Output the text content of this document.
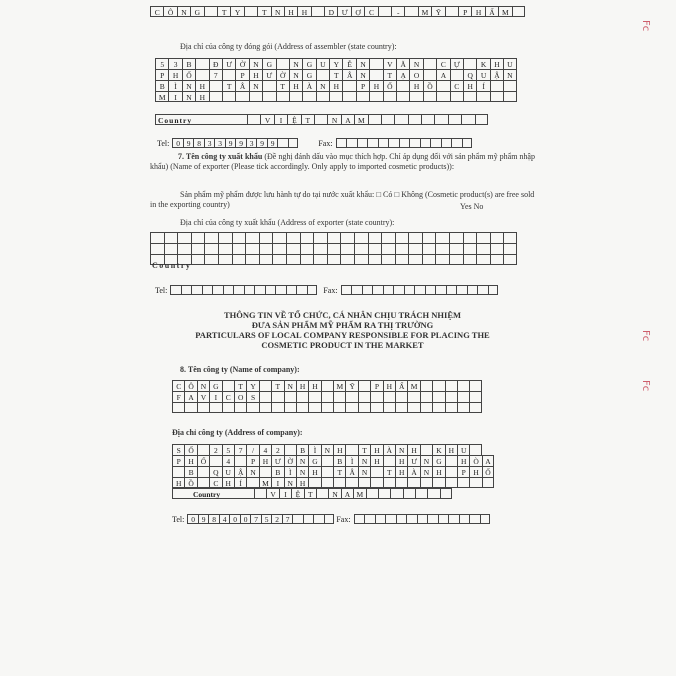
C	Ô	N	G	T	Y	T	N	H	H	D	Ư	Ợ	C	-	M Ỹ	P	H	Ẩ M
Địa chỉ của công ty đóng gói (Address of assembler (state country):
5	3	B	Đ	Ư	Ờ	N	G	N	G	U	Y	Ễ	N	V	Ă	N	C	Ự	K	H U
P	H	Ố	7	P	H	Ư	Ờ	N	G	T	Â	N	T	Ạ	O	A	Q	U	Ậ N
B	Ì	N	H	T	Â	N	T	H	À	N	H	P	H	Ố	H	Ồ	C	H	Í
M	I	N	H
Country	V	I	Ệ	T	N	A M
Tel: 0 9 8 3 3 9 9 3 9 9	Fax:
7. Tên công ty xuất khẩu (Đề nghị đánh dấu vào mục thích hợp. Chỉ áp dụng đối với sản phẩm mỹ phẩm nhập khẩu) (Name of exporter (Please tick accordingly. Only apply to imported cosmetic products)):
Sản phẩm mỹ phẩm được lưu hành tự do tại nước xuất khẩu: □ Có □ Không (Cosmetic product(s) are free sold in the exporting country)	Yes No
Địa chỉ của công ty xuất khẩu (Address of exporter (state country):
Country
Tel:	Fax:
THÔNG TIN VỀ TỔ CHỨC, CÁ NHÂN CHỊU TRÁCH NHIỆM
ĐƯA SẢN PHẨM MỸ PHẨM RA THỊ TRƯỜNG
PARTICULARS OF LOCAL COMPANY RESPONSIBLE FOR PLACING THE
COSMETIC PRODUCT IN THE MARKET
8. Tên công ty (Name of company):
C Ô N G	T Y	T N H H	M Ỹ	P	H Ẩ M
F	A V	I	C O	S
Địa chỉ công ty (Address of company):
S	Ố	2	5	7	/	4	2	B	Ì	N H	T H À N H	K H U
P	H Ố	4	P	H Ư Ờ N G	B	Ì	N H	H Ư N G	H Ò A
B	Q U Ậ N	B	Ì	N H	T Â N	T H À N H	P	H Ố
H Ồ	C H	Í	M	I	N H
Country	V	I	Ệ	T	N A M
Tel: 0 9 8 4 0 0 7 5 2 7	Fax:
Fc
Fc
Fc
